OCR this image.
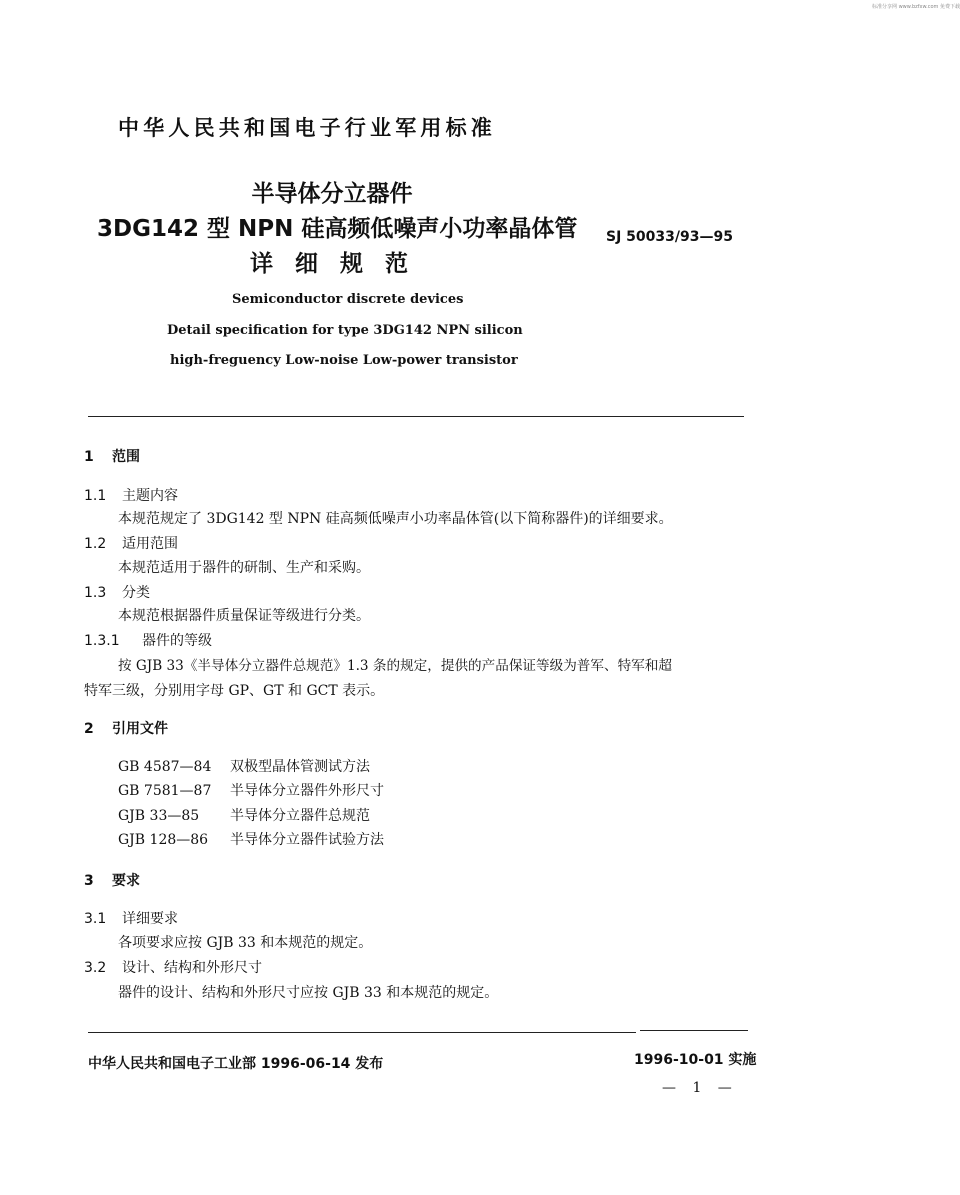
标准分享网 www.bzfxw.com 免费下载
中华人民共和国电子行业军用标准
半导体分立器件
3DG142 型 NPN 硅高频低噪声小功率晶体管
详细规范
SJ 50033/93—95
Semiconductor discrete devices
Detail specification for type 3DG142 NPN silicon
high-freguency Low-noise Low-power transistor
1 范围
1.1 主题内容
本规范规定了 3DG142 型 NPN 硅高频低噪声小功率晶体管(以下简称器件)的详细要求。
1.2 适用范围
本规范适用于器件的研制、生产和采购。
1.3 分类
本规范根据器件质量保证等级进行分类。
1.3.1 器件的等级
按 GJB 33《半导体分立器件总规范》1.3 条的规定，提供的产品保证等级为普军、特军和超
特军三级，分别用字母 GP、GT 和 GCT 表示。
2 引用文件
GB 4587—84 双极型晶体管测试方法
GB 7581—87 半导体分立器件外形尺寸
GJB 33—85 半导体分立器件总规范
GJB 128—86 半导体分立器件试验方法
3 要求
3.1 详细要求
各项要求应按 GJB 33 和本规范的规定。
3.2 设计、结构和外形尺寸
器件的设计、结构和外形尺寸应按 GJB 33 和本规范的规定。
中华人民共和国电子工业部 1996-06-14 发布	1996-10-01 实施
— 1 —
